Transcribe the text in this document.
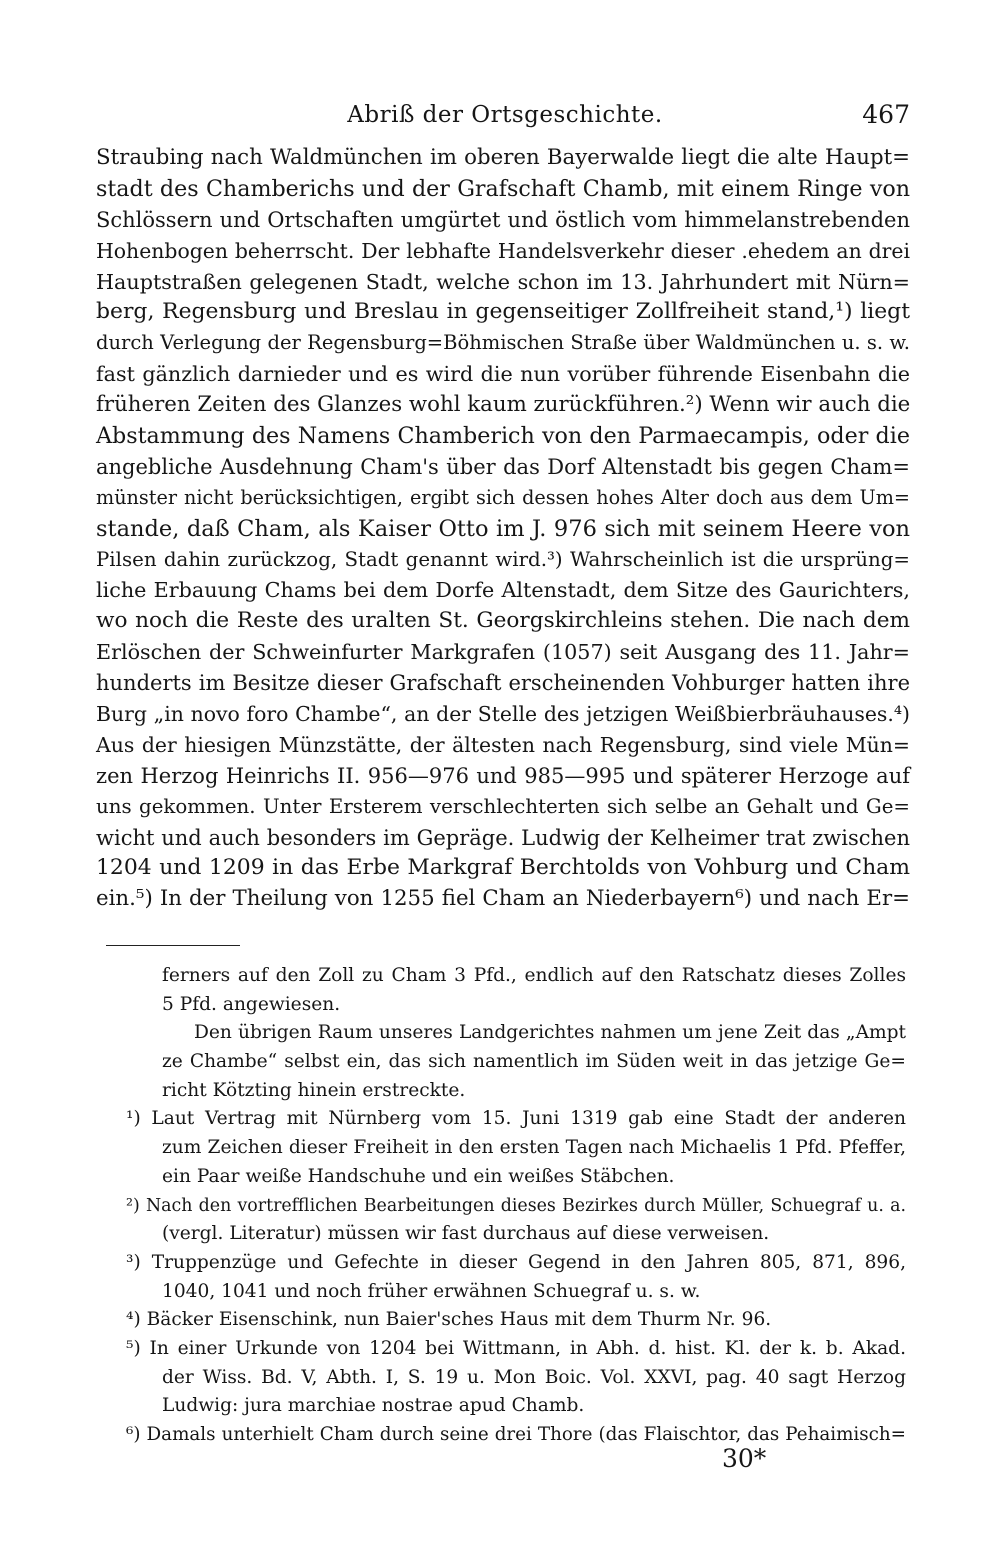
Abriß der Ortsgeschichte.	467
Straubing nach Waldmünchen im oberen Bayerwalde liegt die alte Haupt=
stadt des Chamberichs und der Grafschaft Chamb, mit einem Ringe von
Schlössern und Ortschaften umgürtet und östlich vom himmelanstrebenden
Hohenbogen beherrscht. Der lebhafte Handelsverkehr dieser .ehedem an drei
Hauptstraßen gelegenen Stadt, welche schon im 13. Jahrhundert mit Nürn=
berg, Regensburg und Breslau in gegenseitiger Zollfreiheit stand,¹) liegt
durch Verlegung der Regensburg=Böhmischen Straße über Waldmünchen u. s. w.
fast gänzlich darnieder und es wird die nun vorüber führende Eisenbahn die
früheren Zeiten des Glanzes wohl kaum zurückführen.²) Wenn wir auch die
Abstammung des Namens Chamberich von den Parmaecampis, oder die
angebliche Ausdehnung Cham's über das Dorf Altenstadt bis gegen Cham=
münster nicht berücksichtigen, ergibt sich dessen hohes Alter doch aus dem Um=
stande, daß Cham, als Kaiser Otto im J. 976 sich mit seinem Heere von
Pilsen dahin zurückzog, Stadt genannt wird.³) Wahrscheinlich ist die ursprüng=
liche Erbauung Chams bei dem Dorfe Altenstadt, dem Sitze des Gaurichters,
wo noch die Reste des uralten St. Georgskirchleins stehen. Die nach dem
Erlöschen der Schweinfurter Markgrafen (1057) seit Ausgang des 11. Jahr=
hunderts im Besitze dieser Grafschaft erscheinenden Vohburger hatten ihre
Burg „in novo foro Chambe“, an der Stelle des jetzigen Weißbierbräuhauses.⁴)
Aus der hiesigen Münzstätte, der ältesten nach Regensburg, sind viele Mün=
zen Herzog Heinrichs II. 956—976 und 985—995 und späterer Herzoge auf
uns gekommen. Unter Ersterem verschlechterten sich selbe an Gehalt und Ge=
wicht und auch besonders im Gepräge. Ludwig der Kelheimer trat zwischen
1204 und 1209 in das Erbe Markgraf Berchtolds von Vohburg und Cham
ein.⁵) In der Theilung von 1255 fiel Cham an Niederbayern⁶) und nach Er=
ferners auf den Zoll zu Cham 3 Pfd., endlich auf den Ratschatz dieses Zolles
5 Pfd. angewiesen.
Den übrigen Raum unseres Landgerichtes nahmen um jene Zeit das „Ampt
ze Chambe“ selbst ein, das sich namentlich im Süden weit in das jetzige Ge=
richt Kötzting hinein erstreckte.
¹) Laut Vertrag mit Nürnberg vom 15. Juni 1319 gab eine Stadt der anderen
zum Zeichen dieser Freiheit in den ersten Tagen nach Michaelis 1 Pfd. Pfeffer,
ein Paar weiße Handschuhe und ein weißes Stäbchen.
²) Nach den vortrefflichen Bearbeitungen dieses Bezirkes durch Müller, Schuegraf u. a.
(vergl. Literatur) müssen wir fast durchaus auf diese verweisen.
³) Truppenzüge und Gefechte in dieser Gegend in den Jahren 805, 871, 896,
1040, 1041 und noch früher erwähnen Schuegraf u. s. w.
⁴) Bäcker Eisenschink, nun Baier'sches Haus mit dem Thurm Nr. 96.
⁵) In einer Urkunde von 1204 bei Wittmann, in Abh. d. hist. Kl. der k. b. Akad.
der Wiss. Bd. V, Abth. I, S. 19 u. Mon Boic. Vol. XXVI, pag. 40 sagt Herzog
Ludwig: jura marchiae nostrae apud Chamb.
⁶) Damals unterhielt Cham durch seine drei Thore (das Flaischtor, das Pehaimisch=
30*
